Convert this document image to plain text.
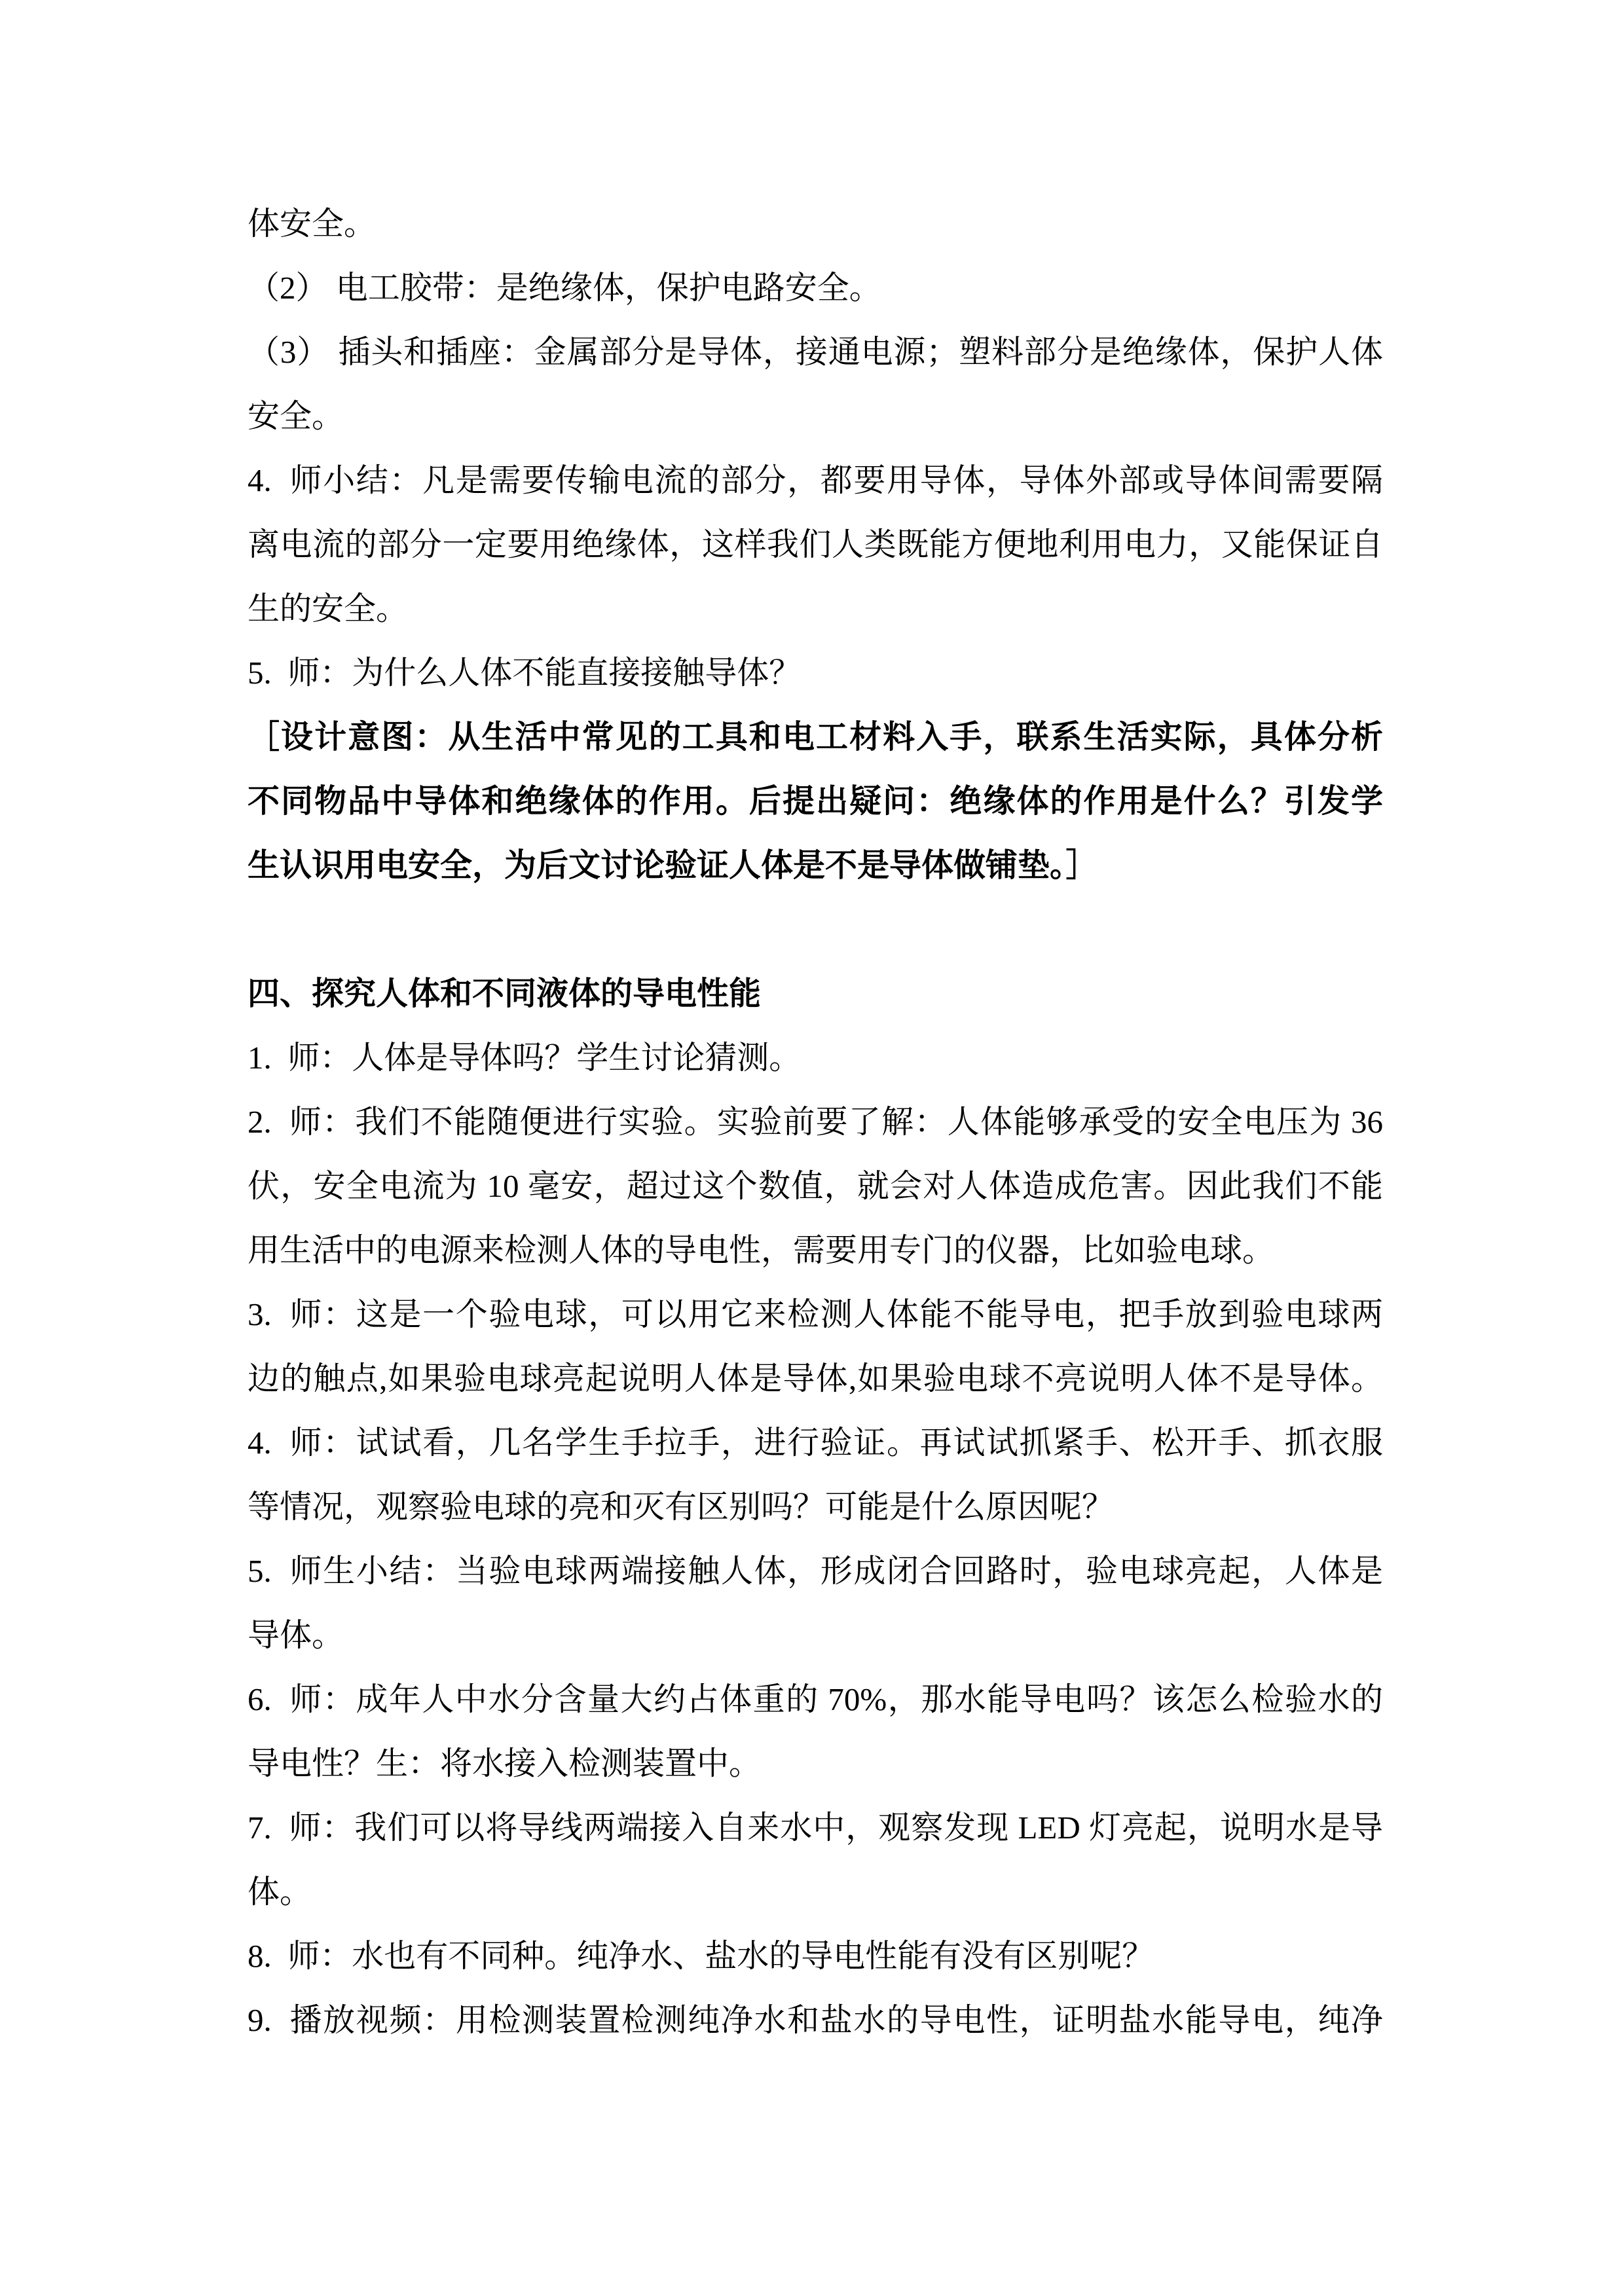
体安全。
（2） 电工胶带：是绝缘体，保护电路安全。
（3） 插头和插座：金属部分是导体，接通电源；塑料部分是绝缘体，保护人体
安全。
4.  师小结：凡是需要传输电流的部分，都要用导体，导体外部或导体间需要隔
离电流的部分一定要用绝缘体，这样我们人类既能方便地利用电力，又能保证自
生的安全。
5.  师：为什么人体不能直接接触导体？
［设计意图：从生活中常见的工具和电工材料入手，联系生活实际，具体分析
不同物品中导体和绝缘体的作用。后提出疑问：绝缘体的作用是什么？引发学
生认识用电安全，为后文讨论验证人体是不是导体做铺垫。］
四、探究人体和不同液体的导电性能
1.  师：人体是导体吗？学生讨论猜测。
2.  师：我们不能随便进行实验。实验前要了解：人体能够承受的安全电压为 36
伏，安全电流为 10 毫安，超过这个数值，就会对人体造成危害。因此我们不能
用生活中的电源来检测人体的导电性，需要用专门的仪器，比如验电球。
3.  师：这是一个验电球，可以用它来检测人体能不能导电，把手放到验电球两
边的触点,如果验电球亮起说明人体是导体,如果验电球不亮说明人体不是导体。
4.  师：试试看，几名学生手拉手，进行验证。再试试抓紧手、松开手、抓衣服
等情况，观察验电球的亮和灭有区别吗？可能是什么原因呢？
5.  师生小结：当验电球两端接触人体，形成闭合回路时，验电球亮起，人体是
导体。
6.  师：成年人中水分含量大约占体重的 70%，那水能导电吗？该怎么检验水的
导电性？生：将水接入检测装置中。
7.  师：我们可以将导线两端接入自来水中，观察发现 LED 灯亮起，说明水是导
体。
8.  师：水也有不同种。纯净水、盐水的导电性能有没有区别呢？
9.  播放视频：用检测装置检测纯净水和盐水的导电性，证明盐水能导电，纯净
